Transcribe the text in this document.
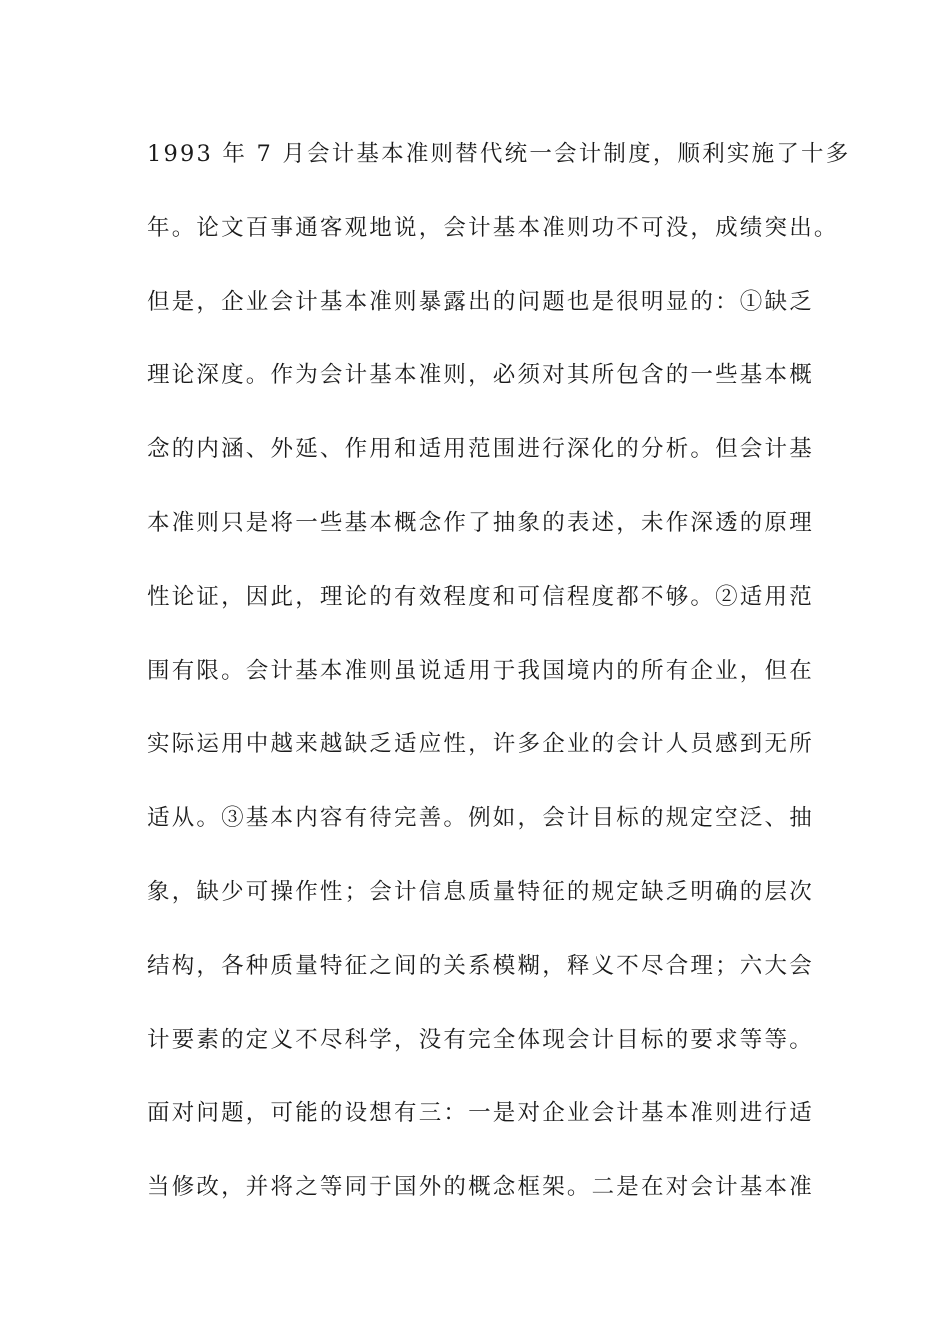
1993 年 7 月会计基本准则替代统一会计制度，顺利实施了十多
年。论文百事通客观地说，会计基本准则功不可没，成绩突出。
但是，企业会计基本准则暴露出的问题也是很明显的：①缺乏
理论深度。作为会计基本准则，必须对其所包含的一些基本概
念的内涵、外延、作用和适用范围进行深化的分析。但会计基
本准则只是将一些基本概念作了抽象的表述，未作深透的原理
性论证，因此，理论的有效程度和可信程度都不够。②适用范
围有限。会计基本准则虽说适用于我国境内的所有企业，但在
实际运用中越来越缺乏适应性，许多企业的会计人员感到无所
适从。③基本内容有待完善。例如，会计目标的规定空泛、抽
象，缺少可操作性；会计信息质量特征的规定缺乏明确的层次
结构，各种质量特征之间的关系模糊，释义不尽合理；六大会
计要素的定义不尽科学，没有完全体现会计目标的要求等等。
面对问题，可能的设想有三：一是对企业会计基本准则进行适
当修改，并将之等同于国外的概念框架。二是在对会计基本准
